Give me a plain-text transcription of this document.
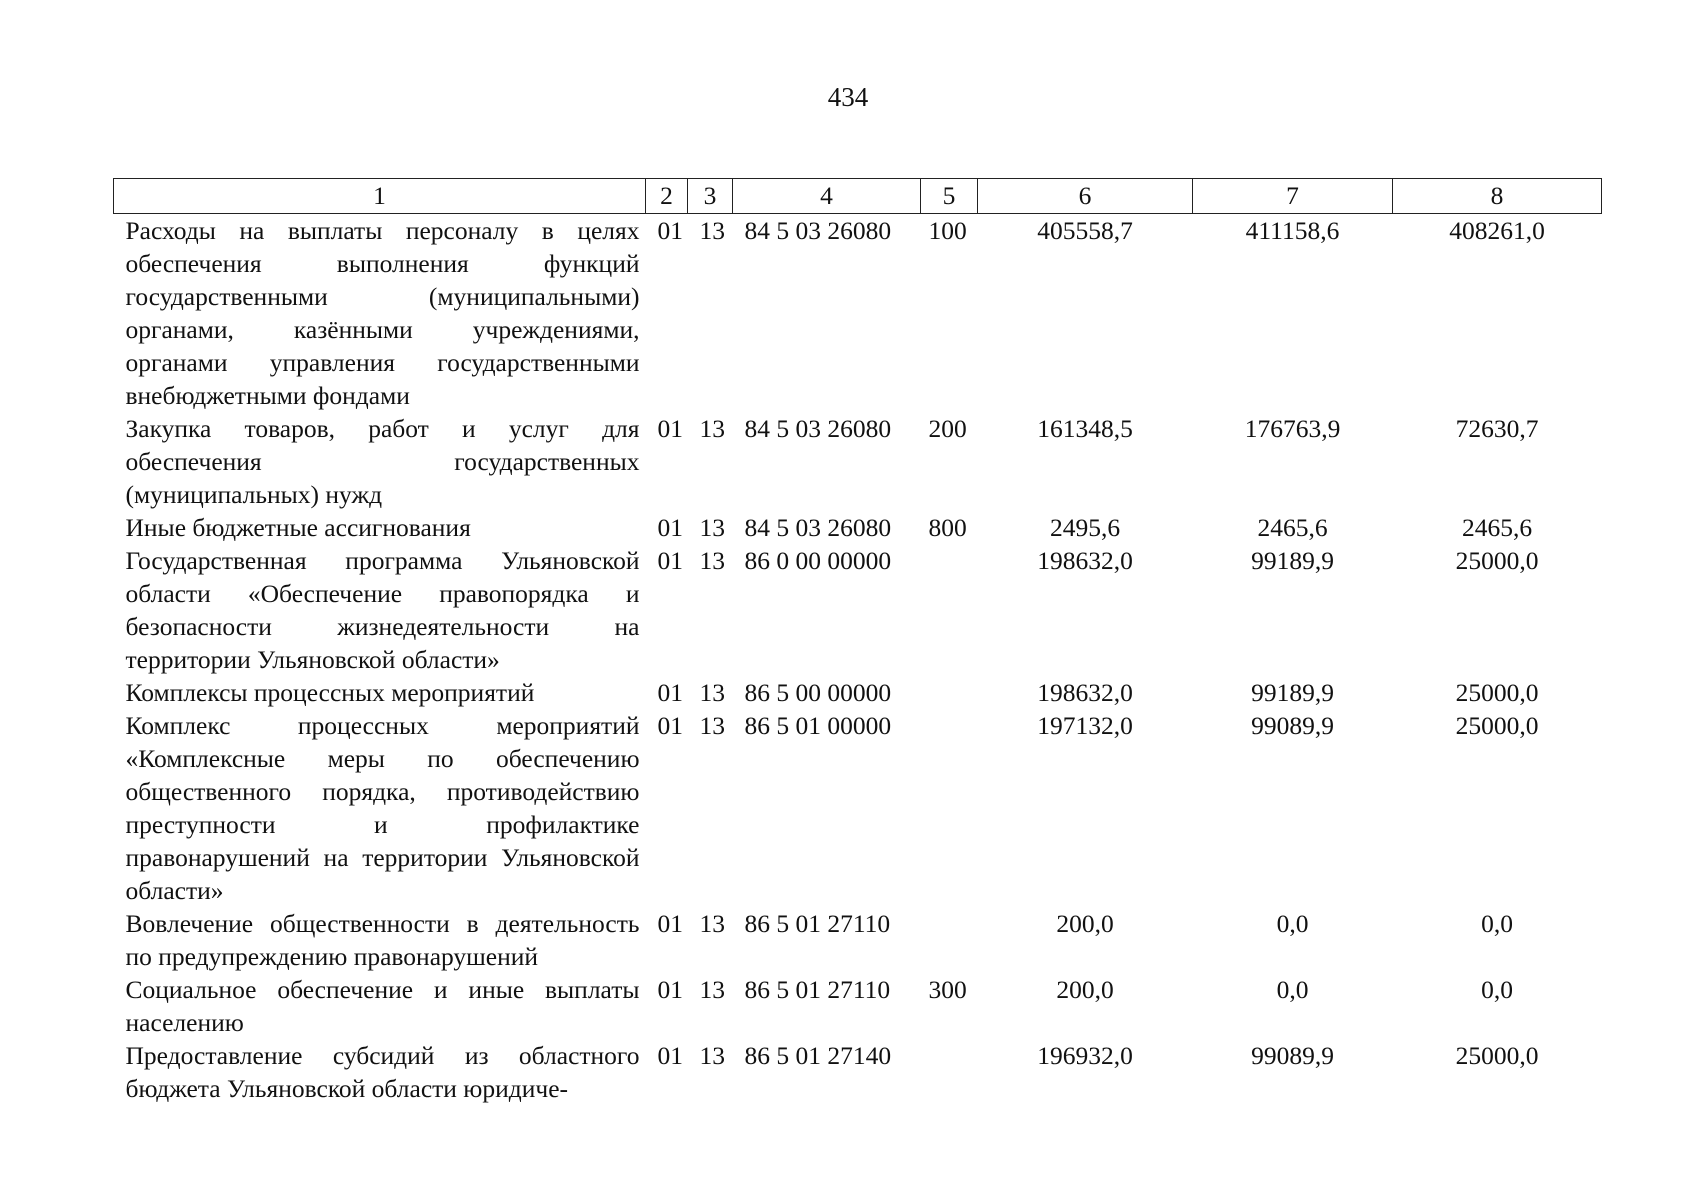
434
1	2	3	4	5	6	7	8
Расходы на выплаты персоналу в целях обеспечения выполнения функций государственными (муниципальными) органами, казёнными учреждениями, органами управления государственными внебюджетными фондами	01	13	84 5 03 26080	100	405558,7	411158,6	408261,0
Закупка товаров, работ и услуг для обеспечения государственных (муниципальных) нужд	01	13	84 5 03 26080	200	161348,5	176763,9	72630,7
Иные бюджетные ассигнования	01	13	84 5 03 26080	800	2495,6	2465,6	2465,6
Государственная программа Ульяновской области «Обеспечение правопорядка и безопасности жизнедеятельности на территории Ульяновской области»	01	13	86 0 00 00000		198632,0	99189,9	25000,0
Комплексы процессных мероприятий	01	13	86 5 00 00000		198632,0	99189,9	25000,0
Комплекс процессных мероприятий «Комплексные меры по обеспечению общественного порядка, противодействию преступности и профилактике правонарушений на территории Ульяновской области»	01	13	86 5 01 00000		197132,0	99089,9	25000,0
Вовлечение общественности в деятельность по предупреждению правонарушений	01	13	86 5 01 27110		200,0	0,0	0,0
Социальное обеспечение и иные выплаты населению	01	13	86 5 01 27110	300	200,0	0,0	0,0
Предоставление субсидий из областного бюджета Ульяновской области юридиче-	01	13	86 5 01 27140		196932,0	99089,9	25000,0
